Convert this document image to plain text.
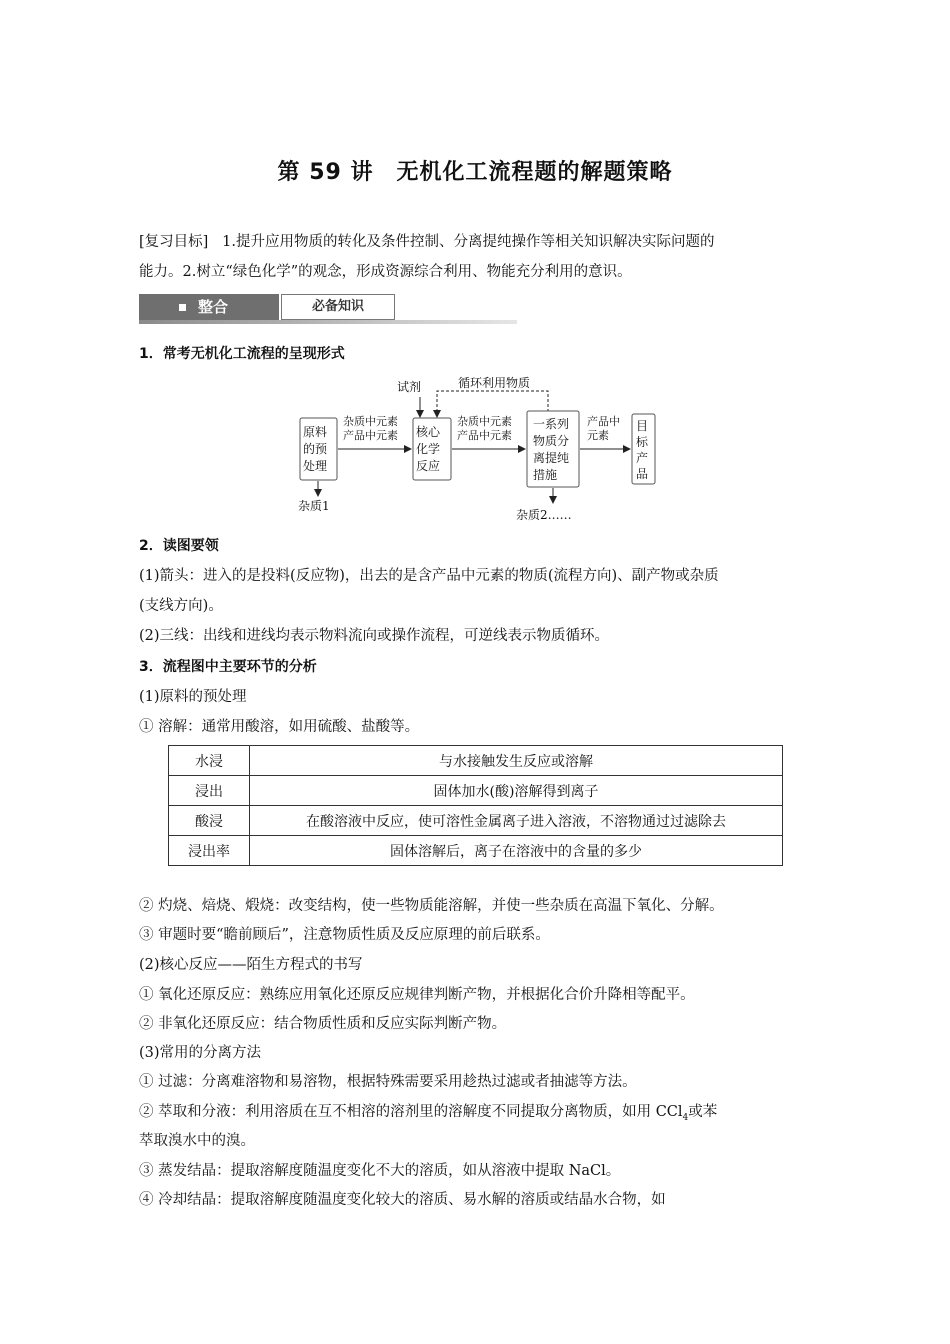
第 59 讲　无机化工流程题的解题策略
[复习目标] 1.提升应用物质的转化及条件控制、分离提纯操作等相关知识解决实际问题的
能力。2.树立“绿色化学”的观念，形成资源综合利用、物能充分利用的意识。
整合	必备知识
1．常考无机化工流程的呈现形式
试剂	循环利用物质
原料
的预
处理
杂质中元素
产品中元素 核心
化学
反应
杂质中元素
产品中元素
一系列
物质分
离提纯
措施
产品中
元素
目
标
产
品
杂质1
杂质2……
2．读图要领
(1)箭头：进入的是投料(反应物)，出去的是含产品中元素的物质(流程方向)、副产物或杂质
(支线方向)。
(2)三线：出线和进线均表示物料流向或操作流程，可逆线表示物质循环。
3．流程图中主要环节的分析
(1)原料的预处理
① 溶解：通常用酸溶，如用硫酸、盐酸等。
水浸	与水接触发生反应或溶解
浸出	固体加水(酸)溶解得到离子
酸浸	在酸溶液中反应，使可溶性金属离子进入溶液，不溶物通过过滤除去
浸出率	固体溶解后，离子在溶液中的含量的多少
② 灼烧、焙烧、煅烧：改变结构，使一些物质能溶解，并使一些杂质在高温下氧化、分解。
③ 审题时要“瞻前顾后”，注意物质性质及反应原理的前后联系。
(2)核心反应——陌生方程式的书写
① 氧化还原反应：熟练应用氧化还原反应规律判断产物，并根据化合价升降相等配平。
② 非氧化还原反应：结合物质性质和反应实际判断产物。
(3)常用的分离方法
① 过滤：分离难溶物和易溶物，根据特殊需要采用趁热过滤或者抽滤等方法。
② 萃取和分液：利用溶质在互不相溶的溶剂里的溶解度不同提取分离物质，如用 CCl$_4$或苯
萃取溴水中的溴。
③ 蒸发结晶：提取溶解度随温度变化不大的溶质，如从溶液中提取 NaCl。
④ 冷却结晶：提取溶解度随温度变化较大的溶质、易水解的溶质或结晶水合物，如
